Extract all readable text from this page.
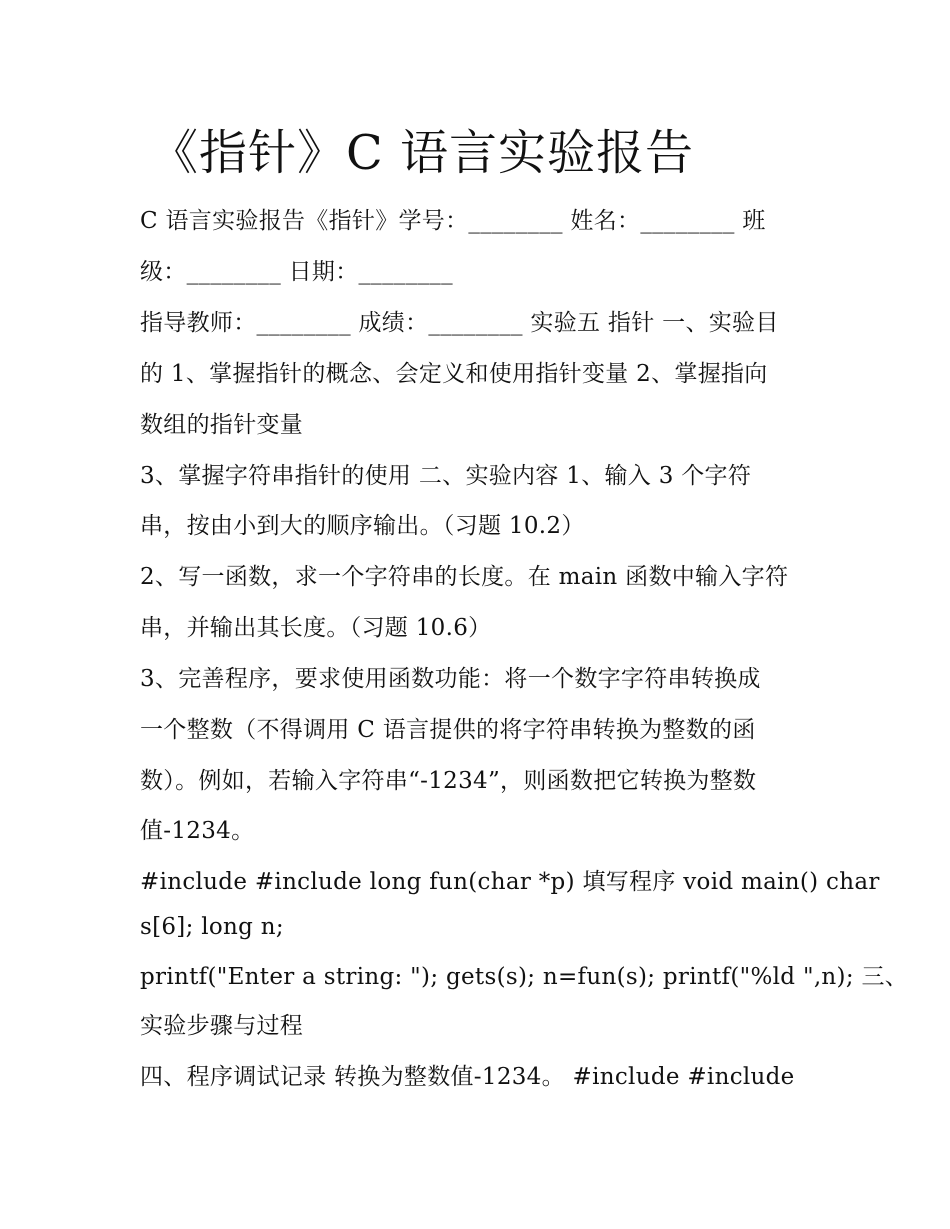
《指针》C 语言实验报告

C 语言实验报告《指针》学号：________ 姓名：________ 班

级：________ 日期：________

指导教师：________ 成绩：________ 实验五 指针 一、实验目

的 1、掌握指针的概念、会定义和使用指针变量 2、掌握指向

数组的指针变量

3、掌握字符串指针的使用 二、实验内容 1、输入 3 个字符

串，按由小到大的顺序输出。（习题 10.2）

2、写一函数，求一个字符串的长度。在 main 函数中输入字符

串，并输出其长度。（习题 10.6）

3、完善程序，要求使用函数功能：将一个数字字符串转换成

一个整数（不得调用 C 语言提供的将字符串转换为整数的函

数）。例如，若输入字符串“-1234”，则函数把它转换为整数

值-1234。

#include #include long fun(char *p) 填写程序 void main() char

s[6]; long n;

printf("Enter a string: "); gets(s); n=fun(s); printf("%ld ",n); 三、

实验步骤与过程

四、程序调试记录 转换为整数值-1234。 #include #include
